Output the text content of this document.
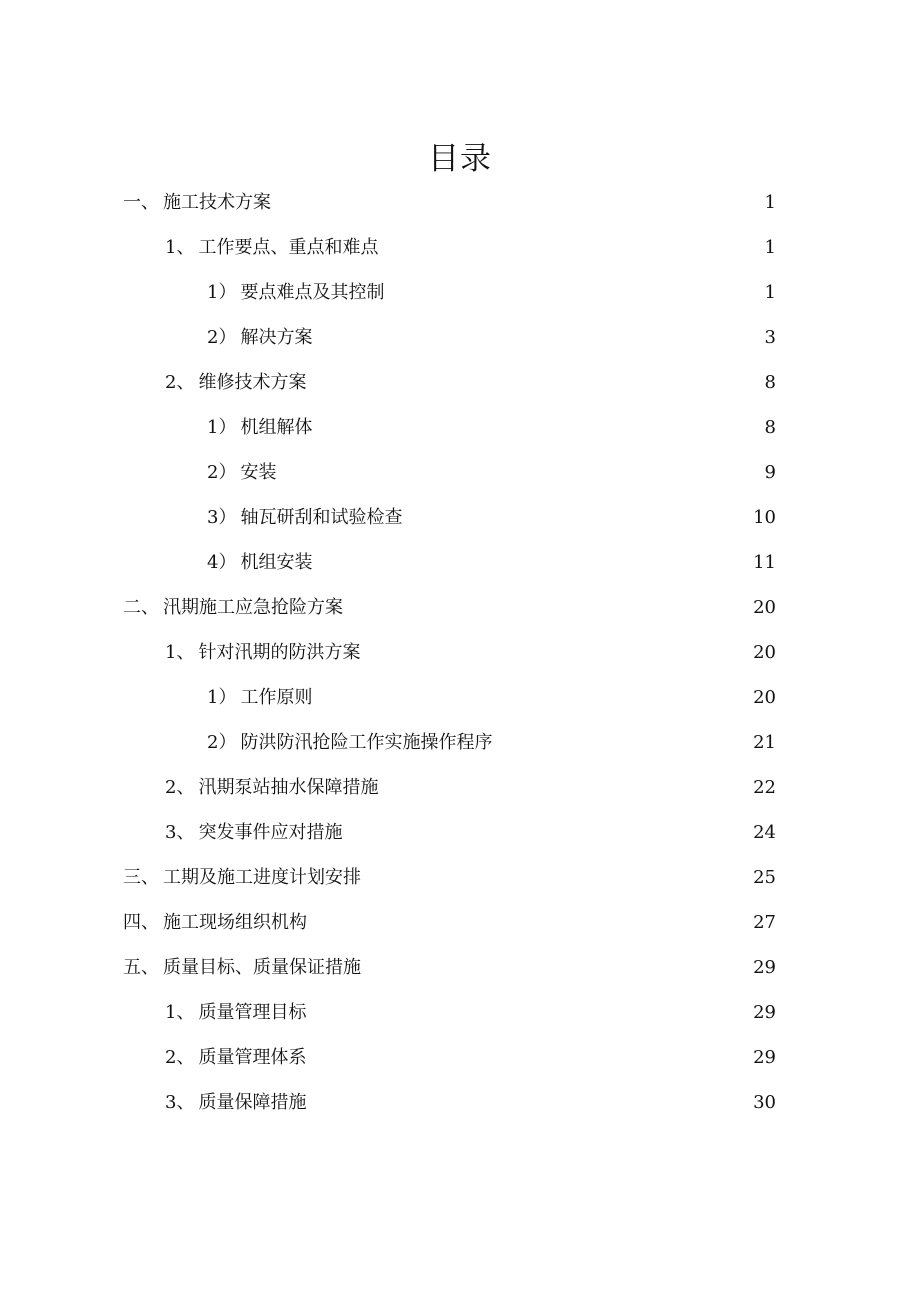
目录
一、 施工技术方案	1
1、 工作要点、重点和难点	1
1） 要点难点及其控制	1
2） 解决方案	3
2、 维修技术方案	8
1） 机组解体	8
2） 安装	9
3） 轴瓦研刮和试验检查	10
4） 机组安装	11
二、 汛期施工应急抢险方案	20
1、 针对汛期的防洪方案	20
1） 工作原则	20
2） 防洪防汛抢险工作实施操作程序	21
2、 汛期泵站抽水保障措施	22
3、 突发事件应对措施	24
三、 工期及施工进度计划安排	25
四、 施工现场组织机构	27
五、 质量目标、质量保证措施	29
1、 质量管理目标	29
2、 质量管理体系	29
3、 质量保障措施	30
